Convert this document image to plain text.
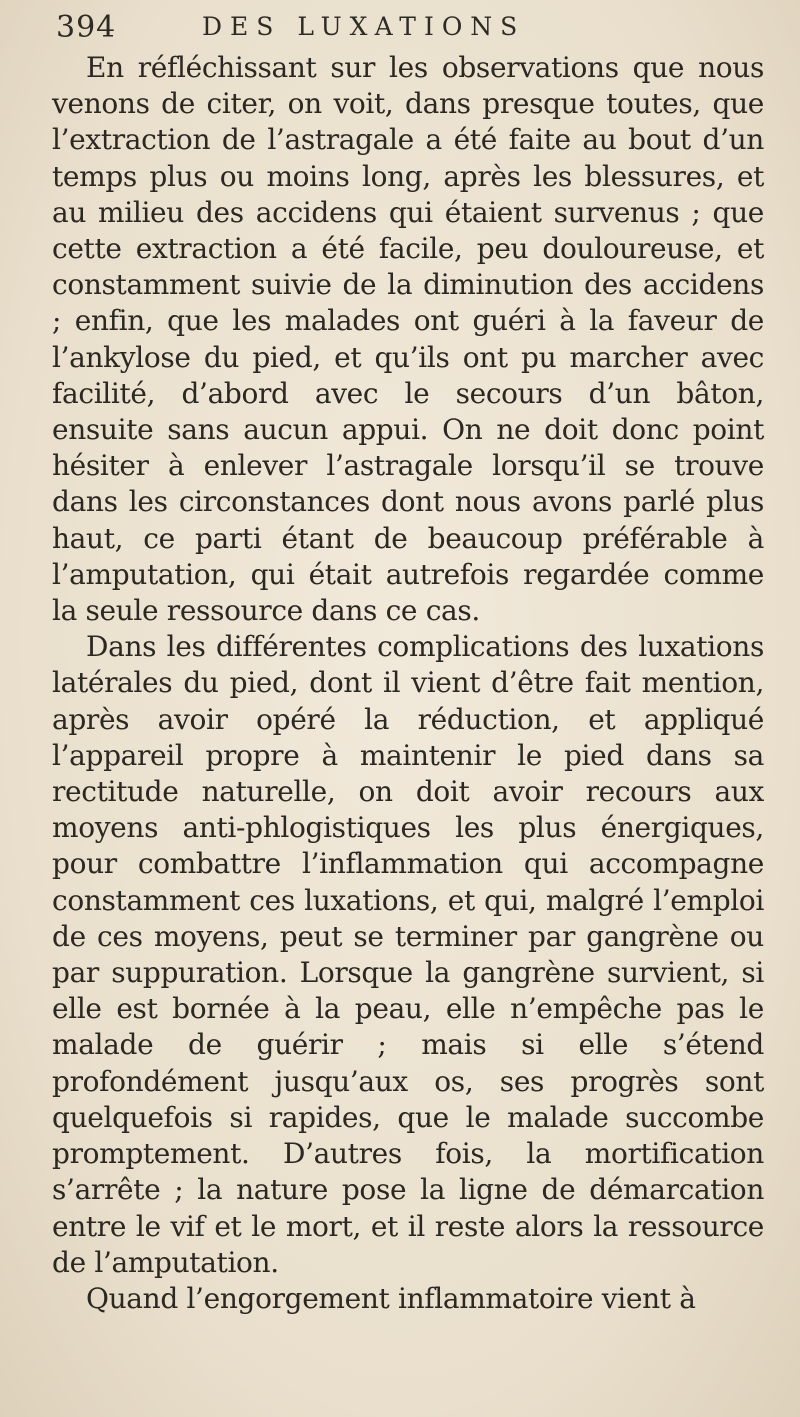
394	DES LUXATIONS

En réfléchissant sur les observations que nous venons de citer, on voit, dans presque toutes, que l’extraction de l’astragale a été faite au bout d’un temps plus ou moins long, après les blessures, et au milieu des accidens qui étaient survenus ; que cette extraction a été facile, peu douloureuse, et constamment suivie de la diminution des accidens ; enfin, que les malades ont guéri à la faveur de l’ankylose du pied, et qu’ils ont pu marcher avec facilité, d’abord avec le secours d’un bâton, ensuite sans aucun appui. On ne doit donc point hésiter à enlever l’astragale lorsqu’il se trouve dans les circonstances dont nous avons parlé plus haut, ce parti étant de beaucoup préférable à l’amputation, qui était autrefois regardée comme la seule ressource dans ce cas.

Dans les différentes complications des luxations latérales du pied, dont il vient d’être fait mention, après avoir opéré la réduction, et appliqué l’appareil propre à maintenir le pied dans sa rectitude naturelle, on doit avoir recours aux moyens anti-phlogistiques les plus énergiques, pour combattre l’inflammation qui accompagne constamment ces luxations, et qui, malgré l’emploi de ces moyens, peut se terminer par gangrène ou par suppuration. Lorsque la gangrène survient, si elle est bornée à la peau, elle n’empêche pas le malade de guérir ; mais si elle s’étend profondément jusqu’aux os, ses progrès sont quelquefois si rapides, que le malade succombe promptement. D’autres fois, la mortification s’arrête ; la nature pose la ligne de démarcation entre le vif et le mort, et il reste alors la ressource de l’amputation.

Quand l’engorgement inflammatoire vient à
